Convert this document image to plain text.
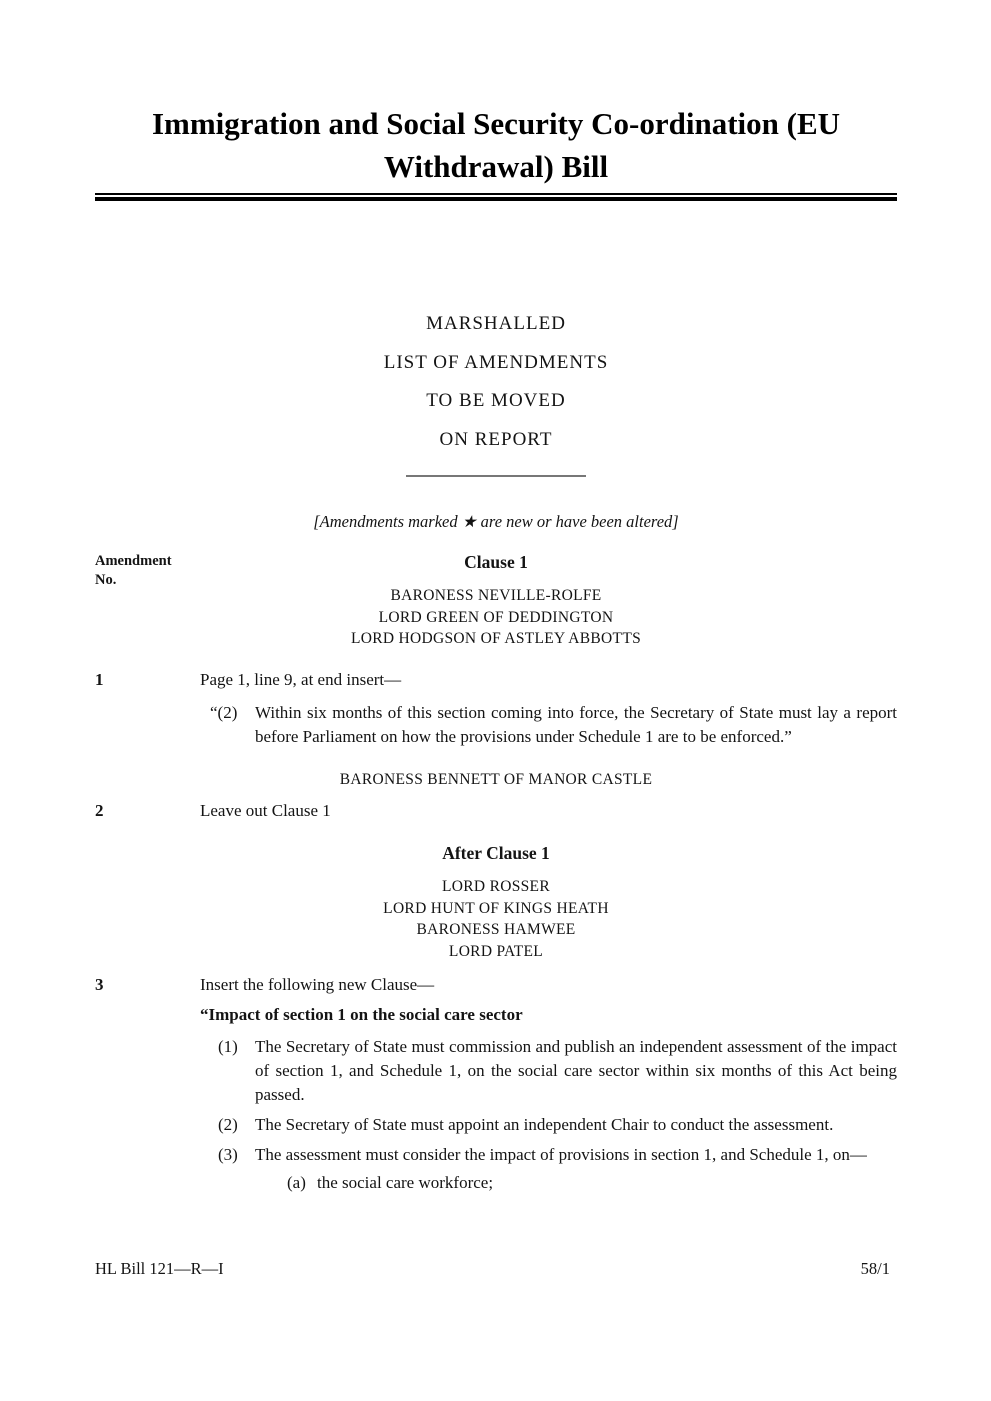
Immigration and Social Security Co-ordination (EU
Withdrawal) Bill
MARSHALLED
LIST OF AMENDMENTS
TO BE MOVED
ON REPORT
[Amendments marked ★ are new or have been altered]
Amendment
No.
Clause 1
BARONESS NEVILLE-ROLFE
LORD GREEN OF DEDDINGTON
LORD HODGSON OF ASTLEY ABBOTTS
1	Page 1, line 9, at end insert—
“(2)	Within six months of this section coming into force, the Secretary of State must lay a report before Parliament on how the provisions under Schedule 1 are to be enforced.”
BARONESS BENNETT OF MANOR CASTLE
2	Leave out Clause 1
After Clause 1
LORD ROSSER
LORD HUNT OF KINGS HEATH
BARONESS HAMWEE
LORD PATEL
3	Insert the following new Clause—
“Impact of section 1 on the social care sector
(1)	The Secretary of State must commission and publish an independent assessment of the impact of section 1, and Schedule 1, on the social care sector within six months of this Act being passed.
(2)	The Secretary of State must appoint an independent Chair to conduct the assessment.
(3)	The assessment must consider the impact of provisions in section 1, and Schedule 1, on—
(a) the social care workforce;
HL Bill 121—R—I	58/1
